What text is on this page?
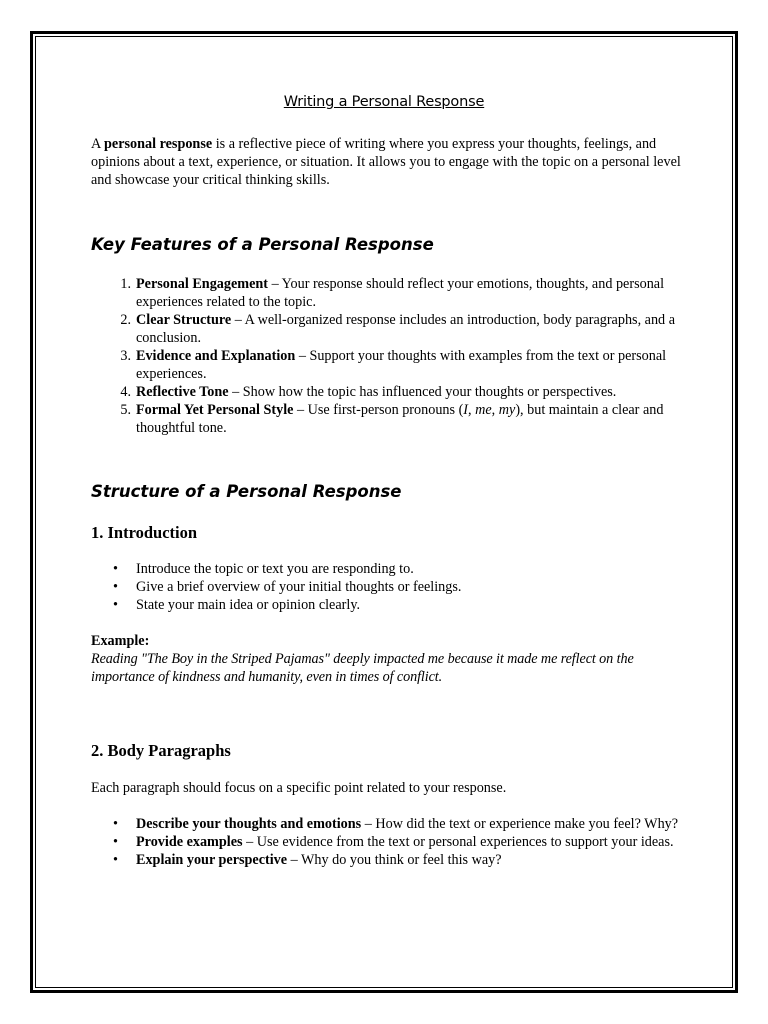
Writing a Personal Response

A personal response is a reflective piece of writing where you express your thoughts, feelings, and opinions about a text, experience, or situation. It allows you to engage with the topic on a personal level and showcase your critical thinking skills.

Key Features of a Personal Response
1. Personal Engagement – Your response should reflect your emotions, thoughts, and personal experiences related to the topic.
2. Clear Structure – A well-organized response includes an introduction, body paragraphs, and a conclusion.
3. Evidence and Explanation – Support your thoughts with examples from the text or personal experiences.
4. Reflective Tone – Show how the topic has influenced your thoughts or perspectives.
5. Formal Yet Personal Style – Use first-person pronouns (I, me, my), but maintain a clear and thoughtful tone.
Structure of a Personal Response
1. Introduction
• Introduce the topic or text you are responding to.
• Give a brief overview of your initial thoughts or feelings.
• State your main idea or opinion clearly.
Example:
Reading "The Boy in the Striped Pajamas" deeply impacted me because it made me reflect on the importance of kindness and humanity, even in times of conflict.
2. Body Paragraphs

Each paragraph should focus on a specific point related to your response.

• Describe your thoughts and emotions – How did the text or experience make you feel? Why?
• Provide examples – Use evidence from the text or personal experiences to support your ideas.
• Explain your perspective – Why do you think or feel this way?
